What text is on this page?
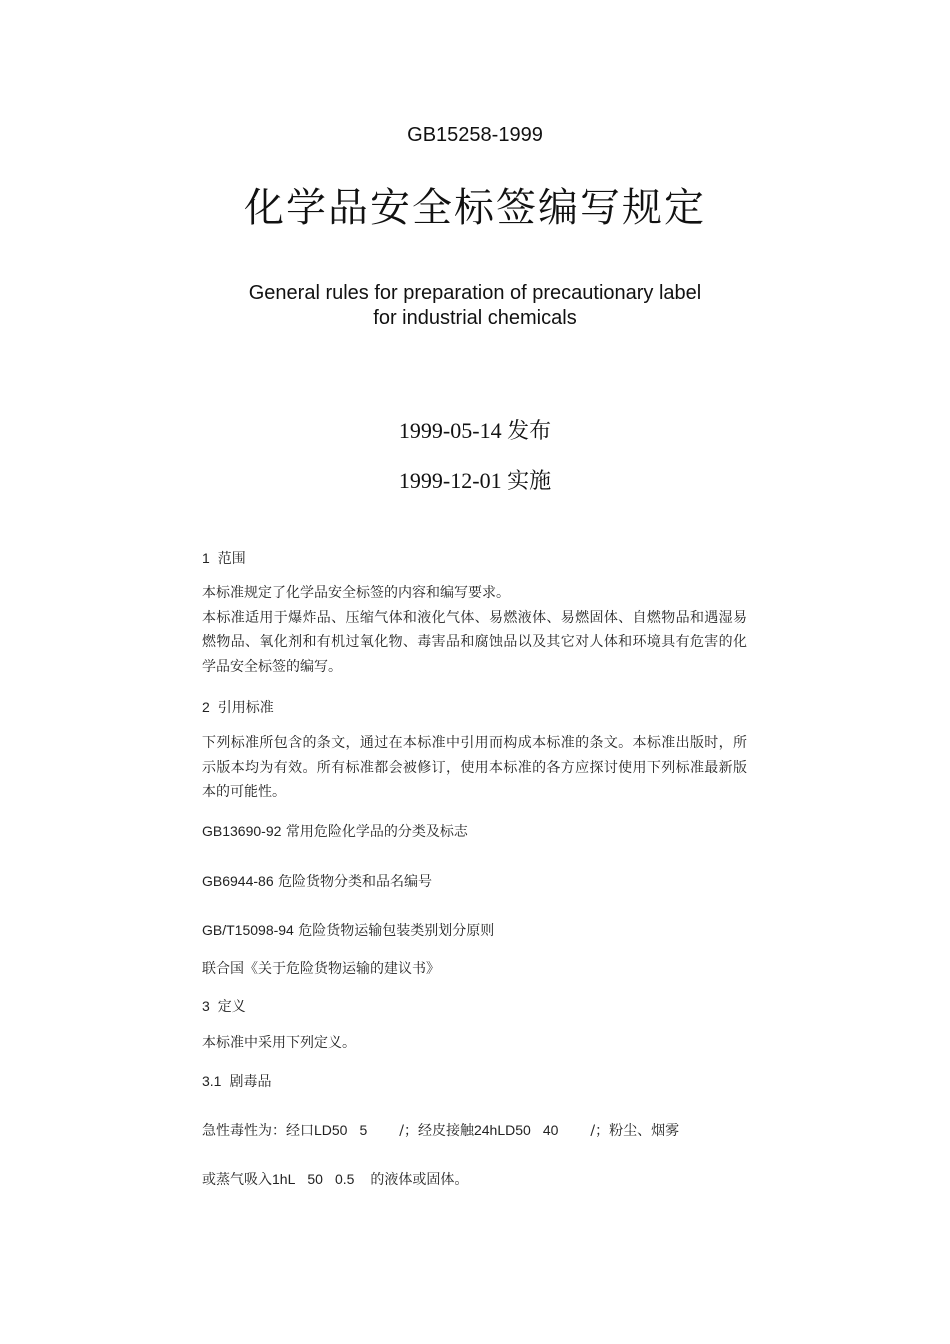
GB15258-1999
化学品安全标签编写规定
General rules for preparation of precautionary label
for industrial chemicals
1999-05-14 发布
1999-12-01 实施
1 范围
本标准规定了化学品安全标签的内容和编写要求。
本标准适用于爆炸品、压缩气体和液化气体、易燃液体、易燃固体、自燃物品和遇湿易燃物品、氧化剂和有机过氧化物、毒害品和腐蚀品以及其它对人体和环境具有危害的化学品安全标签的编写。
2 引用标准
下列标准所包含的条文，通过在本标准中引用而构成本标准的条文。本标准出版时，所示版本均为有效。所有标准都会被修订，使用本标准的各方应探讨使用下列标准最新版本的可能性。
GB13690-92 常用危险化学品的分类及标志
GB6944-86 危险货物分类和品名编号
GB/T15098-94 危险货物运输包装类别划分原则
联合国《关于危险货物运输的建议书》
3 定义
本标准中采用下列定义。
3.1 剧毒品
急性毒性为：经口LD50 5 /；经皮接触24hLD50 40 /；粉尘、烟雾
或蒸气吸入1hL 50 0.5 的液体或固体。
